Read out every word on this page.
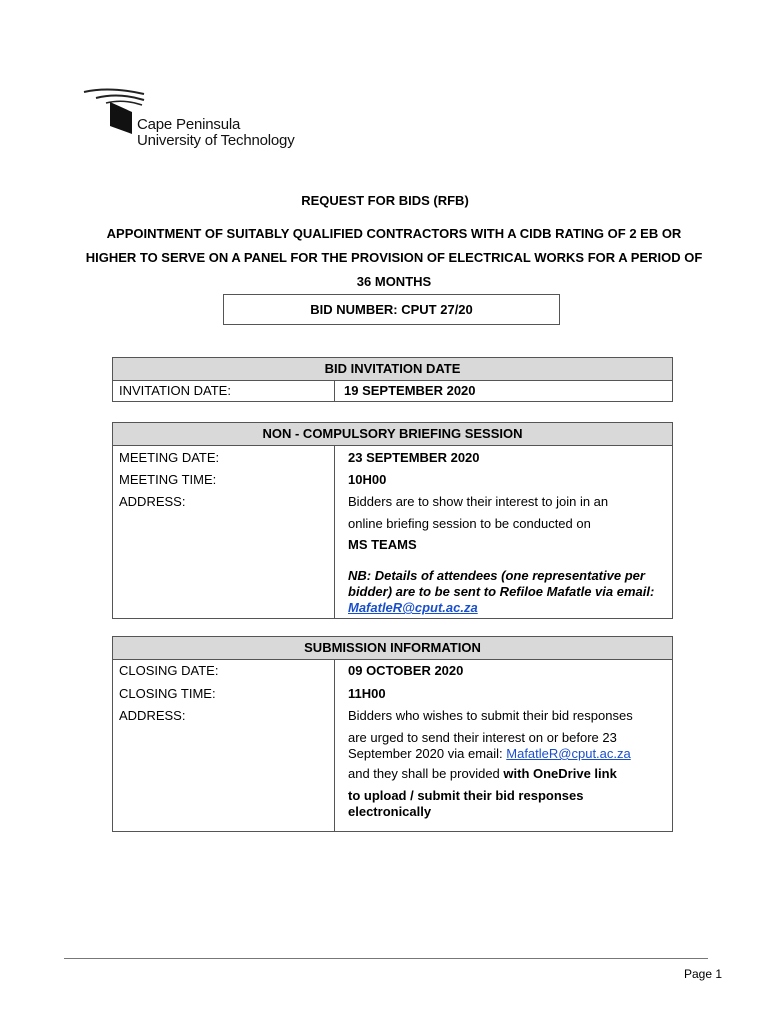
Cape Peninsula
University of Technology
REQUEST FOR BIDS (RFB)
APPOINTMENT OF SUITABLY QUALIFIED CONTRACTORS WITH A CIDB RATING OF 2 EB OR HIGHER TO SERVE ON A PANEL FOR THE PROVISION OF ELECTRICAL WORKS FOR A PERIOD OF 36 MONTHS
BID NUMBER: CPUT 27/20
BID INVITATION DATE
INVITATION DATE:	19 SEPTEMBER 2020
NON - COMPULSORY BRIEFING SESSION
MEETING DATE:	23 SEPTEMBER 2020
MEETING TIME:	10H00
ADDRESS:	Bidders are to show their interest to join in an
online briefing session to be conducted on
MS TEAMS
NB: Details of attendees (one representative per bidder) are to be sent to Refiloe Mafatle via email: MafatleR@cput.ac.za
SUBMISSION INFORMATION
CLOSING DATE:	09 OCTOBER 2020
CLOSING TIME:	11H00
ADDRESS:	Bidders who wishes to submit their bid responses
are urged to send their interest on or before 23 September 2020 via email: MafatleR@cput.ac.za
and they shall be provided with OneDrive link
to upload / submit their bid responses electronically
Page 1
